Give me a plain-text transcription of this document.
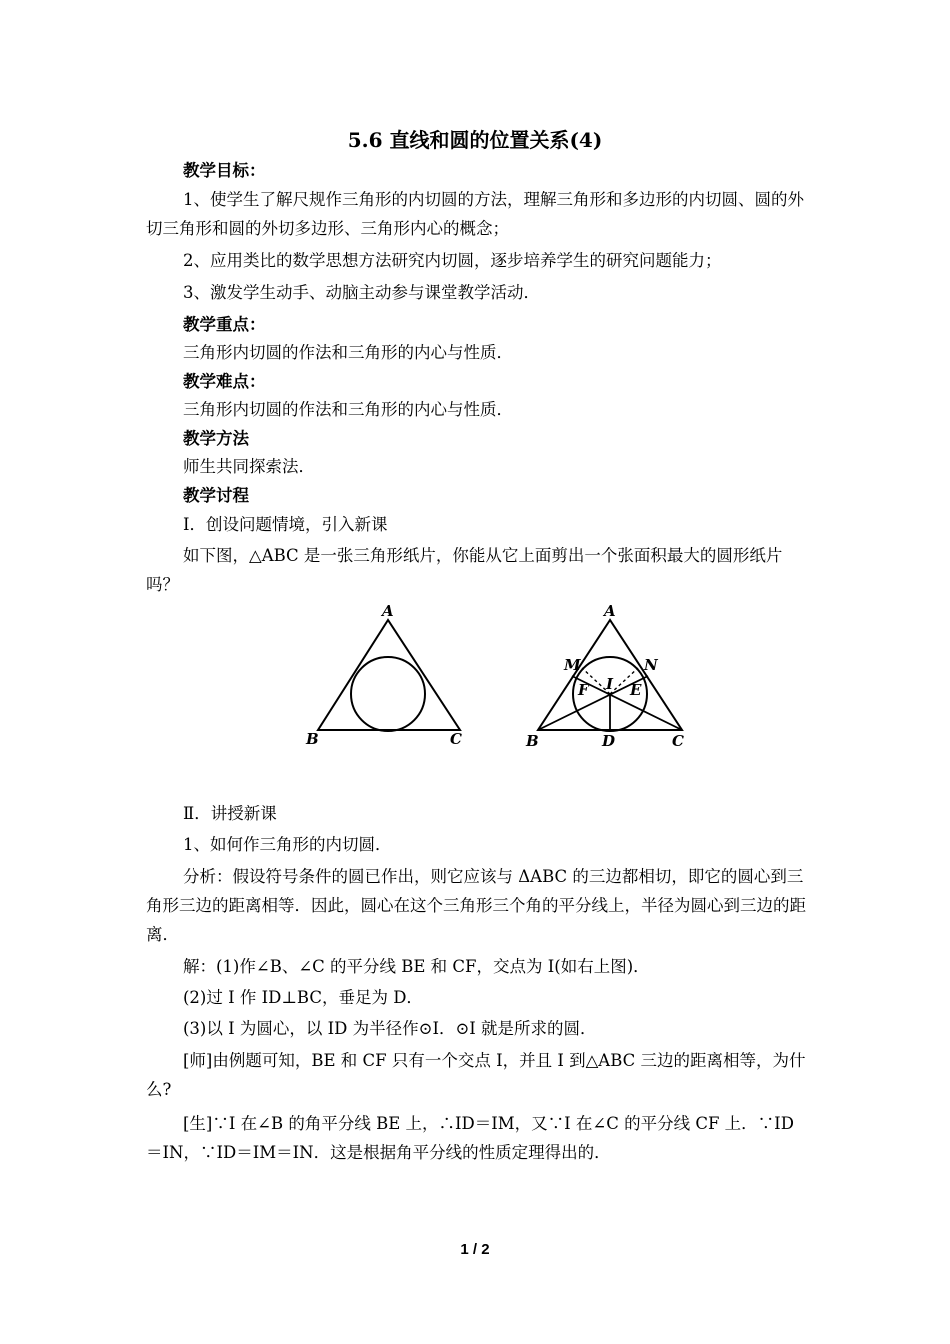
5.6 直线和圆的位置关系(4)
教学目标：
1、使学生了解尺规作三角形的内切圆的方法，理解三角形和多边形的内切圆、圆的外切三角形和圆的外切多边形、三角形内心的概念；
2、应用类比的数学思想方法研究内切圆，逐步培养学生的研究问题能力；
3、激发学生动手、动脑主动参与课堂教学活动．
教学重点：
三角形内切圆的作法和三角形的内心与性质．
教学难点：
三角形内切圆的作法和三角形的内心与性质．
教学方法
师生共同探索法．
教学讨程
Ⅰ．创设问题情境，引入新课
如下图，△ABC 是一张三角形纸片，你能从它上面剪出一个张面积最大的圆形纸片吗？
A
B	C
A
B	C
M	N
F	E
I
D
Ⅱ．讲授新课
1、如何作三角形的内切圆．
分析：假设符号条件的圆已作出，则它应该与 ΔABC 的三边都相切，即它的圆心到三角形三边的距离相等．因此，圆心在这个三角形三个角的平分线上，半径为圆心到三边的距离．
解：(1)作∠B、∠C 的平分线 BE 和 CF，交点为 I(如右上图)．
(2)过 I 作 ID⊥BC，垂足为 D．
(3)以 I 为圆心，以 ID 为半径作⊙I．⊙I 就是所求的圆．
[师]由例题可知，BE 和 CF 只有一个交点 I，并且 I 到△ABC 三边的距离相等，为什么?
[生]∵I 在∠B 的角平分线 BE 上，∴ID＝IM，又∵I 在∠C 的平分线 CF 上．∵ID＝IN，∵ID＝IM＝IN．这是根据角平分线的性质定理得出的．
1 / 2
